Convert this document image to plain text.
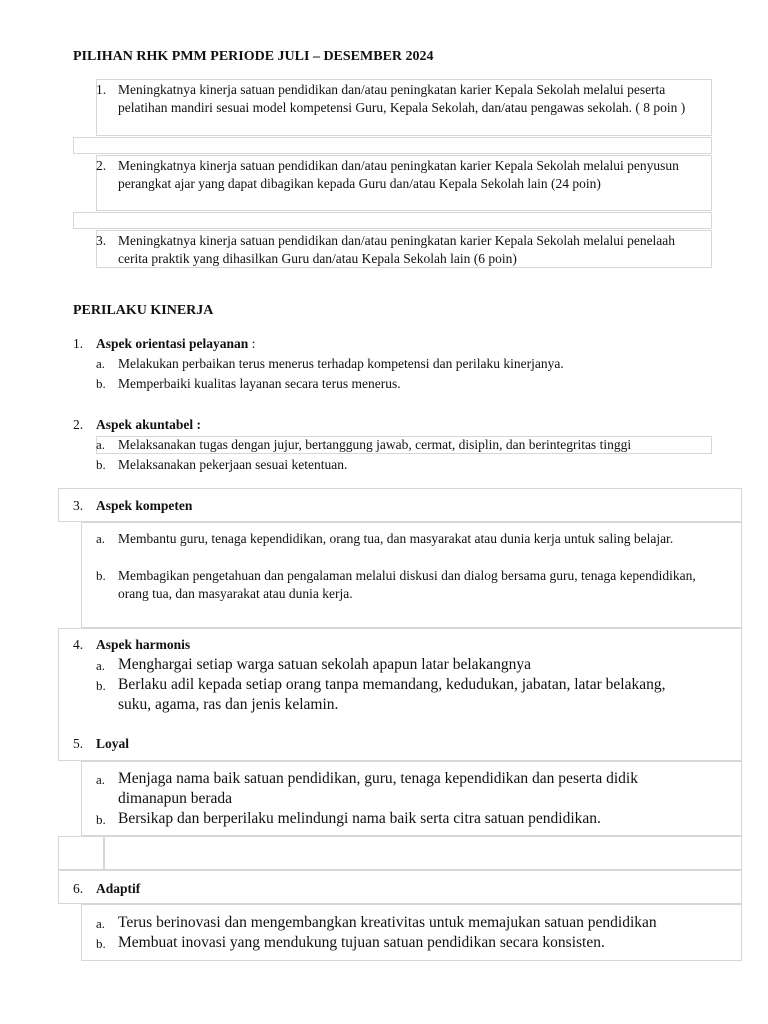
PILIHAN RHK PMM PERIODE JULI – DESEMBER 2024
1. Meningkatnya kinerja satuan pendidikan dan/atau peningkatan karier Kepala Sekolah melalui peserta pelatihan mandiri sesuai model kompetensi Guru, Kepala Sekolah, dan/atau pengawas sekolah. ( 8 poin )
2. Meningkatnya kinerja satuan pendidikan dan/atau peningkatan karier Kepala Sekolah melalui penyusun perangkat ajar yang dapat dibagikan kepada Guru dan/atau Kepala Sekolah lain (24 poin)
3. Meningkatnya kinerja satuan pendidikan dan/atau peningkatan karier Kepala Sekolah melalui penelaah cerita praktik yang dihasilkan Guru dan/atau Kepala Sekolah lain (6 poin)
PERILAKU KINERJA
1. Aspek orientasi pelayanan :
a. Melakukan perbaikan terus menerus terhadap kompetensi dan perilaku kinerjanya.
b. Memperbaiki kualitas layanan secara terus menerus.
2. Aspek akuntabel :
a. Melaksanakan tugas dengan jujur, bertanggung jawab, cermat, disiplin, dan berintegritas tinggi
b. Melaksanakan pekerjaan sesuai ketentuan.
3. Aspek kompeten
a. Membantu guru, tenaga kependidikan, orang tua, dan masyarakat atau dunia kerja untuk saling belajar.
b. Membagikan pengetahuan dan pengalaman melalui diskusi dan dialog bersama guru, tenaga kependidikan, orang tua, dan masyarakat atau dunia kerja.
4. Aspek harmonis
a. Menghargai setiap warga satuan sekolah apapun latar belakangnya
b. Berlaku adil kepada setiap orang tanpa memandang, kedudukan, jabatan, latar belakang, suku, agama, ras dan jenis kelamin.
5. Loyal
a. Menjaga nama baik satuan pendidikan, guru, tenaga kependidikan dan peserta didik dimanapun berada
b. Bersikap dan berperilaku melindungi nama baik serta citra satuan pendidikan.
6. Adaptif
a. Terus berinovasi dan mengembangkan kreativitas untuk memajukan satuan pendidikan
b. Membuat inovasi yang mendukung tujuan satuan pendidikan secara konsisten.
